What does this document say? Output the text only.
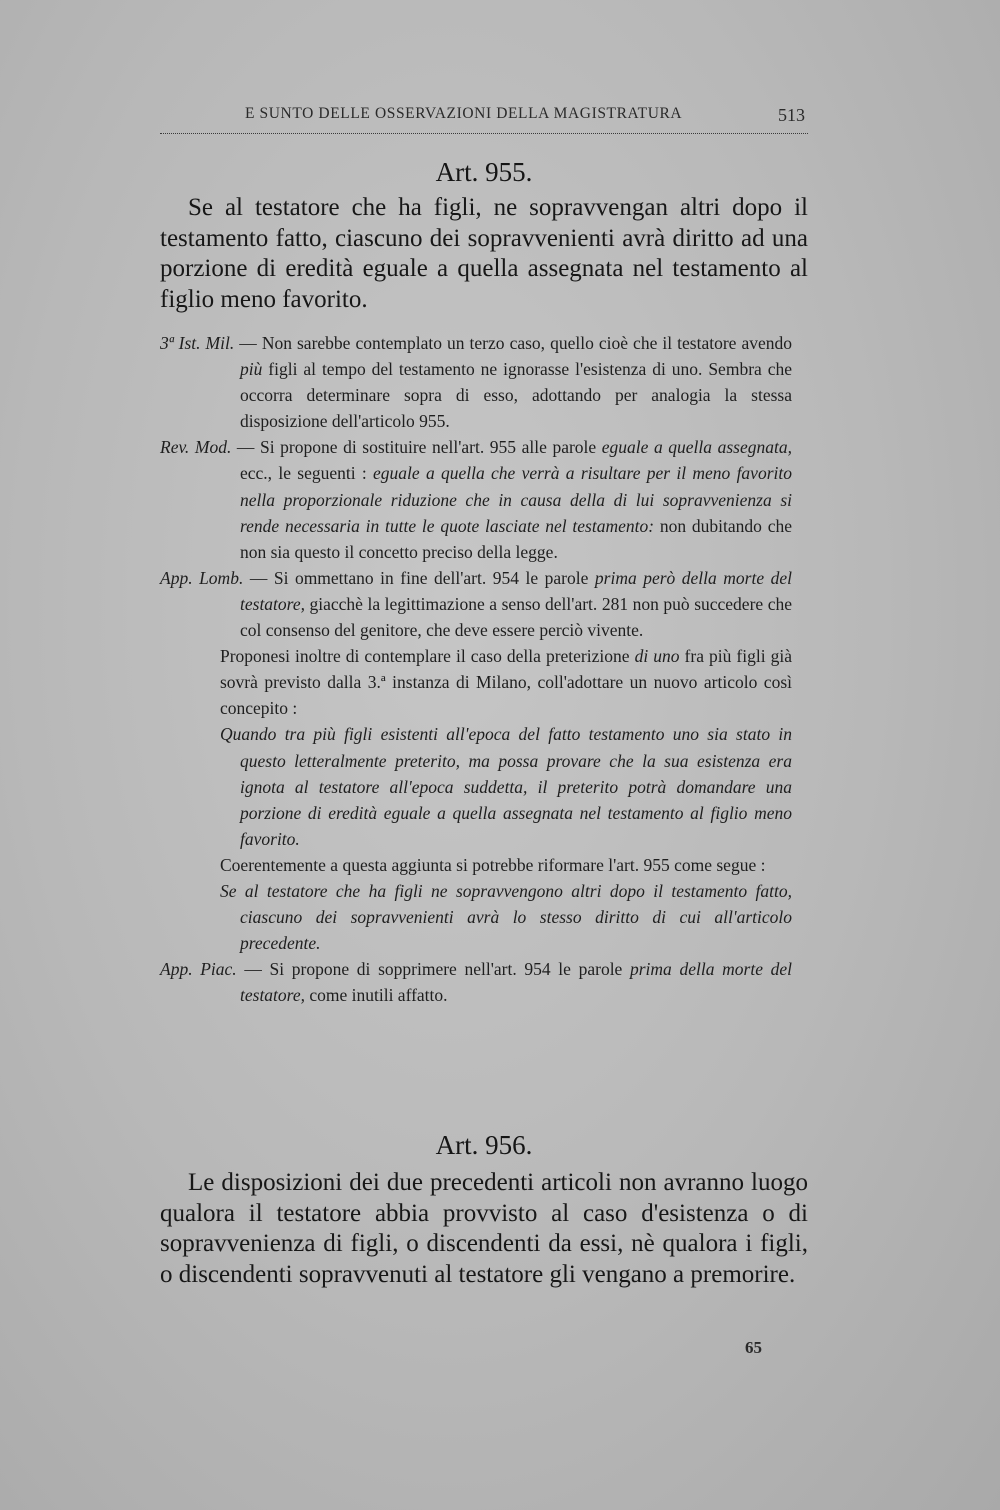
E SUNTO DELLE OSSERVAZIONI DELLA MAGISTRATURA	513
Art. 955.

Se al testatore che ha figli, ne sopravvengan altri dopo il testamento fatto, ciascuno dei sopravvenienti avrà diritto ad una porzione di eredità eguale a quella assegnata nel testamento al figlio meno favorito.

3ª Ist. Mil. — Non sarebbe contemplato un terzo caso, quello cioè che il testatore avendo più figli al tempo del testamento ne ignorasse l'esistenza di uno. Sembra che occorra determinare sopra di esso, adottando per analogia la stessa disposizione dell'articolo 955.
Rev. Mod. — Si propone di sostituire nell'art. 955 alle parole eguale a quella assegnata, ecc., le seguenti : eguale a quella che verrà a risultare per il meno favorito nella proporzionale riduzione che in causa della di lui sopravvenienza si rende necessaria in tutte le quote lasciate nel testamento: non dubitando che non sia questo il concetto preciso della legge.
App. Lomb. — Si ommettano in fine dell'art. 954 le parole prima però della morte del testatore, giacchè la legittimazione a senso dell'art. 281 non può succedere che col consenso del genitore, che deve essere perciò vivente.
Proponesi inoltre di contemplare il caso della preterizione di uno fra più figli già sovrà previsto dalla 3.ª instanza di Milano, coll'adottare un nuovo articolo così concepito :
Quando tra più figli esistenti all'epoca del fatto testamento uno sia stato in questo letteralmente preterito, ma possa provare che la sua esistenza era ignota al testatore all'epoca suddetta, il preterito potrà domandare una porzione di eredità eguale a quella assegnata nel testamento al figlio meno favorito.
Coerentemente a questa aggiunta si potrebbe riformare l'art. 955 come segue :
Se al testatore che ha figli ne sopravvengono altri dopo il testamento fatto, ciascuno dei sopravvenienti avrà lo stesso diritto di cui all'articolo precedente.
App. Piac. — Si propone di sopprimere nell'art. 954 le parole prima della morte del testatore, come inutili affatto.
Art. 956.

Le disposizioni dei due precedenti articoli non avranno luogo qualora il testatore abbia provvisto al caso d'esistenza o di sopravvenienza di figli, o discendenti da essi, nè qualora i figli, o discendenti sopravvenuti al testatore gli vengano a premorire.

65
